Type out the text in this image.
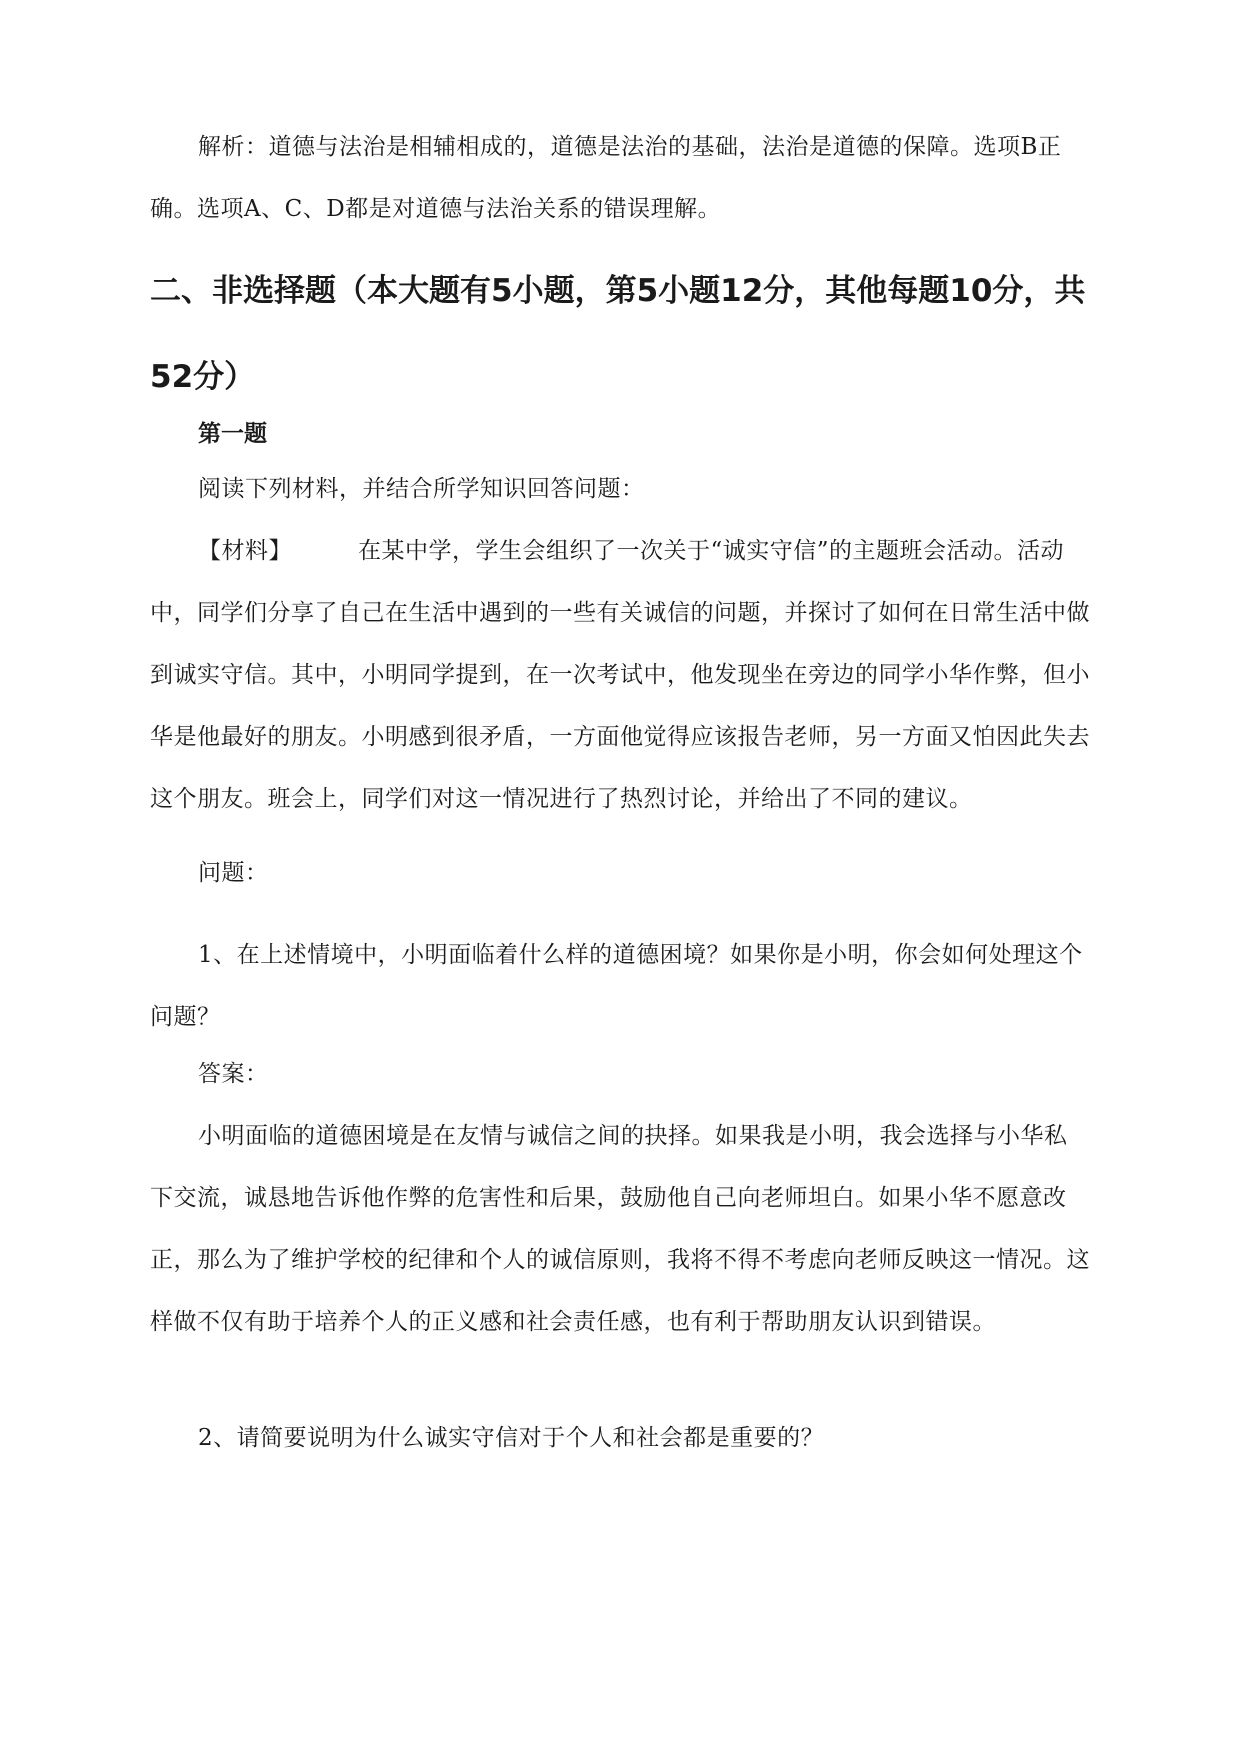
解析：道德与法治是相辅相成的，道德是法治的基础，法治是道德的保障。选项B正确。选项A、C、D都是对道德与法治关系的错误理解。

二、非选择题（本大题有5小题，第5小题12分，其他每题10分，共52分）
第一题

阅读下列材料，并结合所学知识回答问题：

【材料】	在某中学，学生会组织了一次关于“诚实守信”的主题班会活动。活动中，同学们分享了自己在生活中遇到的一些有关诚信的问题，并探讨了如何在日常生活中做到诚实守信。其中，小明同学提到，在一次考试中，他发现坐在旁边的同学小华作弊，但小华是他最好的朋友。小明感到很矛盾，一方面他觉得应该报告老师，另一方面又怕因此失去这个朋友。班会上，同学们对这一情况进行了热烈讨论，并给出了不同的建议。

问题：

1、在上述情境中，小明面临着什么样的道德困境？如果你是小明，你会如何处理这个问题？

答案：

小明面临的道德困境是在友情与诚信之间的抉择。如果我是小明，我会选择与小华私下交流，诚恳地告诉他作弊的危害性和后果，鼓励他自己向老师坦白。如果小华不愿意改正，那么为了维护学校的纪律和个人的诚信原则，我将不得不考虑向老师反映这一情况。这样做不仅有助于培养个人的正义感和社会责任感，也有利于帮助朋友认识到错误。

2、请简要说明为什么诚实守信对于个人和社会都是重要的？
